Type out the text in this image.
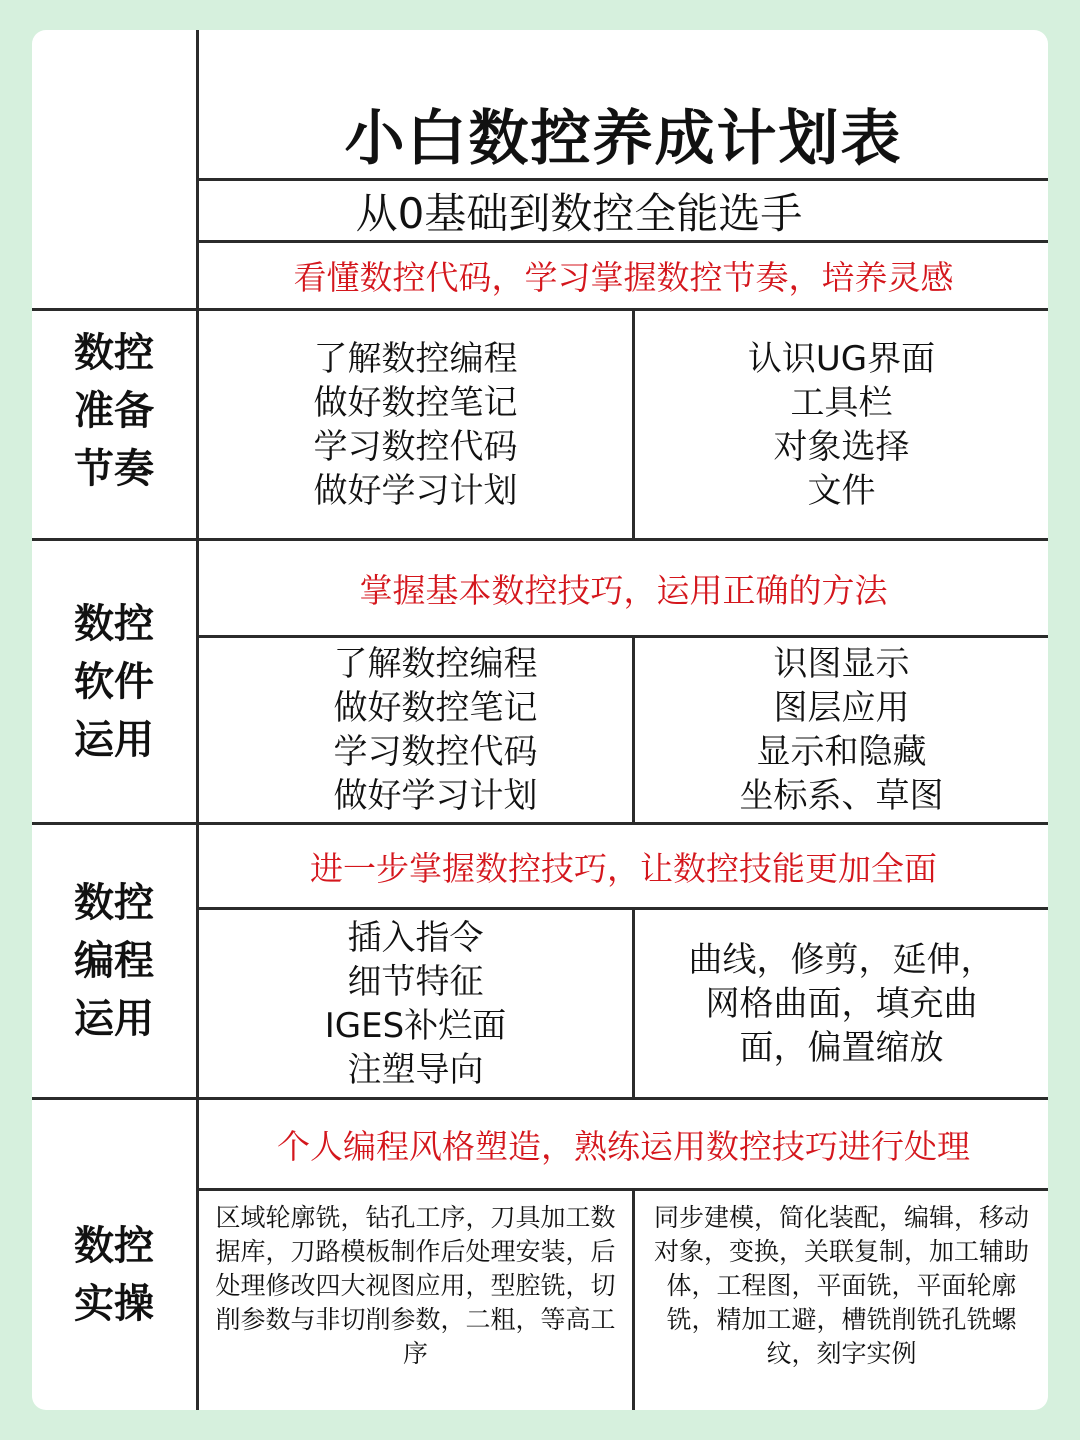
小白数控养成计划表
从0基础到数控全能选手
看懂数控代码，学习掌握数控节奏，培养灵感
数控
准备
节奏
了解数控编程
做好数控笔记
学习数控代码
做好学习计划
认识UG界面
工具栏
对象选择
文件
数控
软件
运用
掌握基本数控技巧，运用正确的方法
了解数控编程
做好数控笔记
学习数控代码
做好学习计划
识图显示
图层应用
显示和隐藏
坐标系、草图
数控
编程
运用
进一步掌握数控技巧，让数控技能更加全面
插入指令
细节特征
IGES补烂面
注塑导向
曲线，修剪，延伸，网格曲面，填充曲面，偏置缩放
数控
实操
个人编程风格塑造，熟练运用数控技巧进行处理
区域轮廓铣，钻孔工序，刀具加工数据库，刀路模板制作后处理安装，后处理修改四大视图应用，型腔铣，切削参数与非切削参数，二粗，等高工序
同步建模，简化装配，编辑，移动对象，变换，关联复制，加工辅助体，工程图，平面铣，平面轮廓铣，精加工避，槽铣削铣孔铣螺纹，刻字实例
